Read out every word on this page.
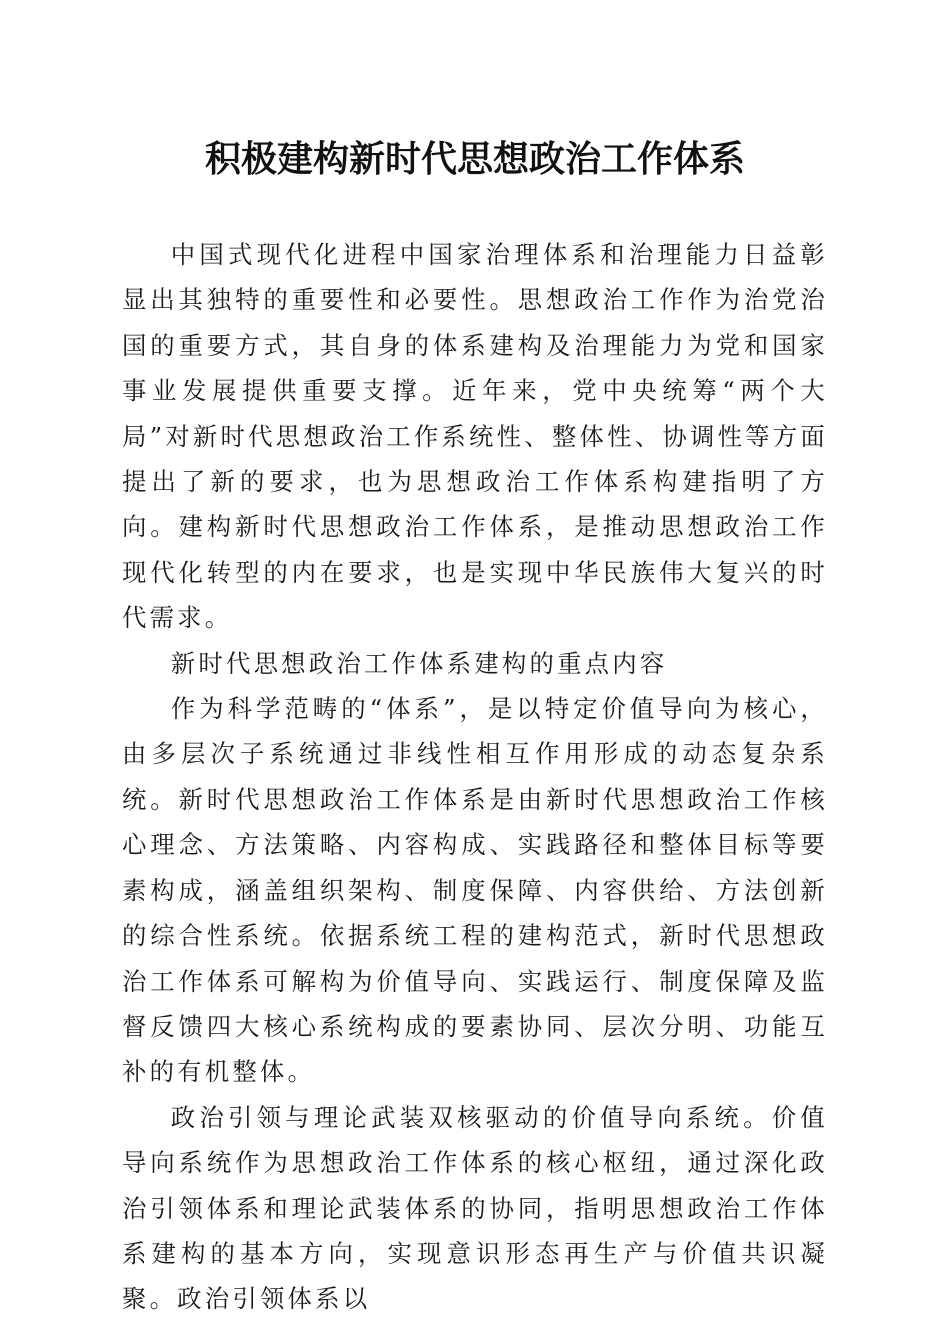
积极建构新时代思想政治工作体系

中国式现代化进程中国家治理体系和治理能力日益彰显出其独特的重要性和必要性。思想政治工作作为治党治国的重要方式，其自身的体系建构及治理能力为党和国家事业发展提供重要支撑。近年来，党中央统筹“两个大局”对新时代思想政治工作系统性、整体性、协调性等方面提出了新的要求，也为思想政治工作体系构建指明了方向。建构新时代思想政治工作体系，是推动思想政治工作现代化转型的内在要求，也是实现中华民族伟大复兴的时代需求。

新时代思想政治工作体系建构的重点内容

作为科学范畴的“体系”，是以特定价值导向为核心，由多层次子系统通过非线性相互作用形成的动态复杂系统。新时代思想政治工作体系是由新时代思想政治工作核心理念、方法策略、内容构成、实践路径和整体目标等要素构成，涵盖组织架构、制度保障、内容供给、方法创新的综合性系统。依据系统工程的建构范式，新时代思想政治工作体系可解构为价值导向、实践运行、制度保障及监督反馈四大核心系统构成的要素协同、层次分明、功能互补的有机整体。

政治引领与理论武装双核驱动的价值导向系统。价值导向系统作为思想政治工作体系的核心枢纽，通过深化政治引领体系和理论武装体系的协同，指明思想政治工作体系建构的基本方向，实现意识形态再生产与价值共识凝聚。政治引领体系以
